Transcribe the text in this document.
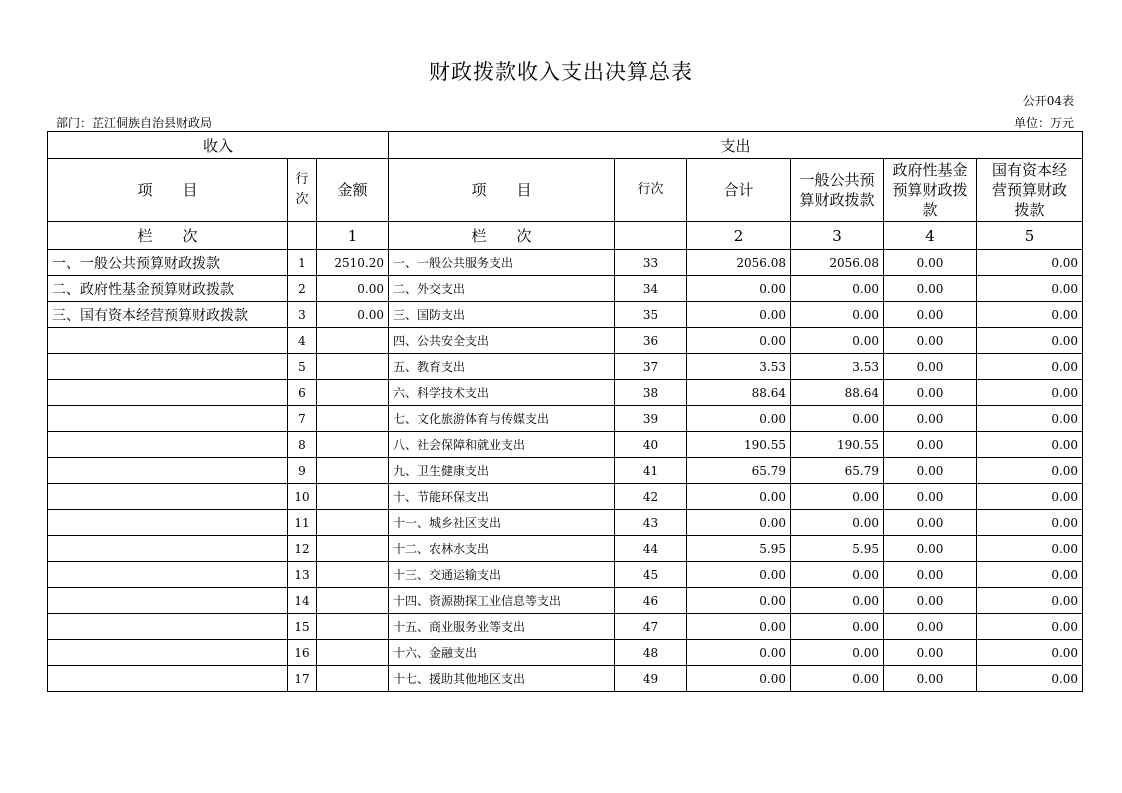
财政拨款收入支出决算总表
公开04表
部门：芷江侗族自治县财政局	单位：万元
收入			支出					
项　　目	行次	金额	项　　目	行次	合计	一般公共预算财政拨款	政府性基金预算财政拨款	国有资本经营预算财政拨款
栏　　次		1	栏　　次		2	3	4	5
一、一般公共预算财政拨款	1	2510.20	一、一般公共服务支出	33	2056.08	2056.08	0.00	0.00
二、政府性基金预算财政拨款	2	0.00	二、外交支出	34	0.00	0.00	0.00	0.00
三、国有资本经营预算财政拨款	3	0.00	三、国防支出	35	0.00	0.00	0.00	0.00
	4		四、公共安全支出	36	0.00	0.00	0.00	0.00
	5		五、教育支出	37	3.53	3.53	0.00	0.00
	6		六、科学技术支出	38	88.64	88.64	0.00	0.00
	7		七、文化旅游体育与传媒支出	39	0.00	0.00	0.00	0.00
	8		八、社会保障和就业支出	40	190.55	190.55	0.00	0.00
	9		九、卫生健康支出	41	65.79	65.79	0.00	0.00
	10		十、节能环保支出	42	0.00	0.00	0.00	0.00
	11		十一、城乡社区支出	43	0.00	0.00	0.00	0.00
	12		十二、农林水支出	44	5.95	5.95	0.00	0.00
	13		十三、交通运输支出	45	0.00	0.00	0.00	0.00
	14		十四、资源勘探工业信息等支出	46	0.00	0.00	0.00	0.00
	15		十五、商业服务业等支出	47	0.00	0.00	0.00	0.00
	16		十六、金融支出	48	0.00	0.00	0.00	0.00
	17		十七、援助其他地区支出	49	0.00	0.00	0.00	0.00
